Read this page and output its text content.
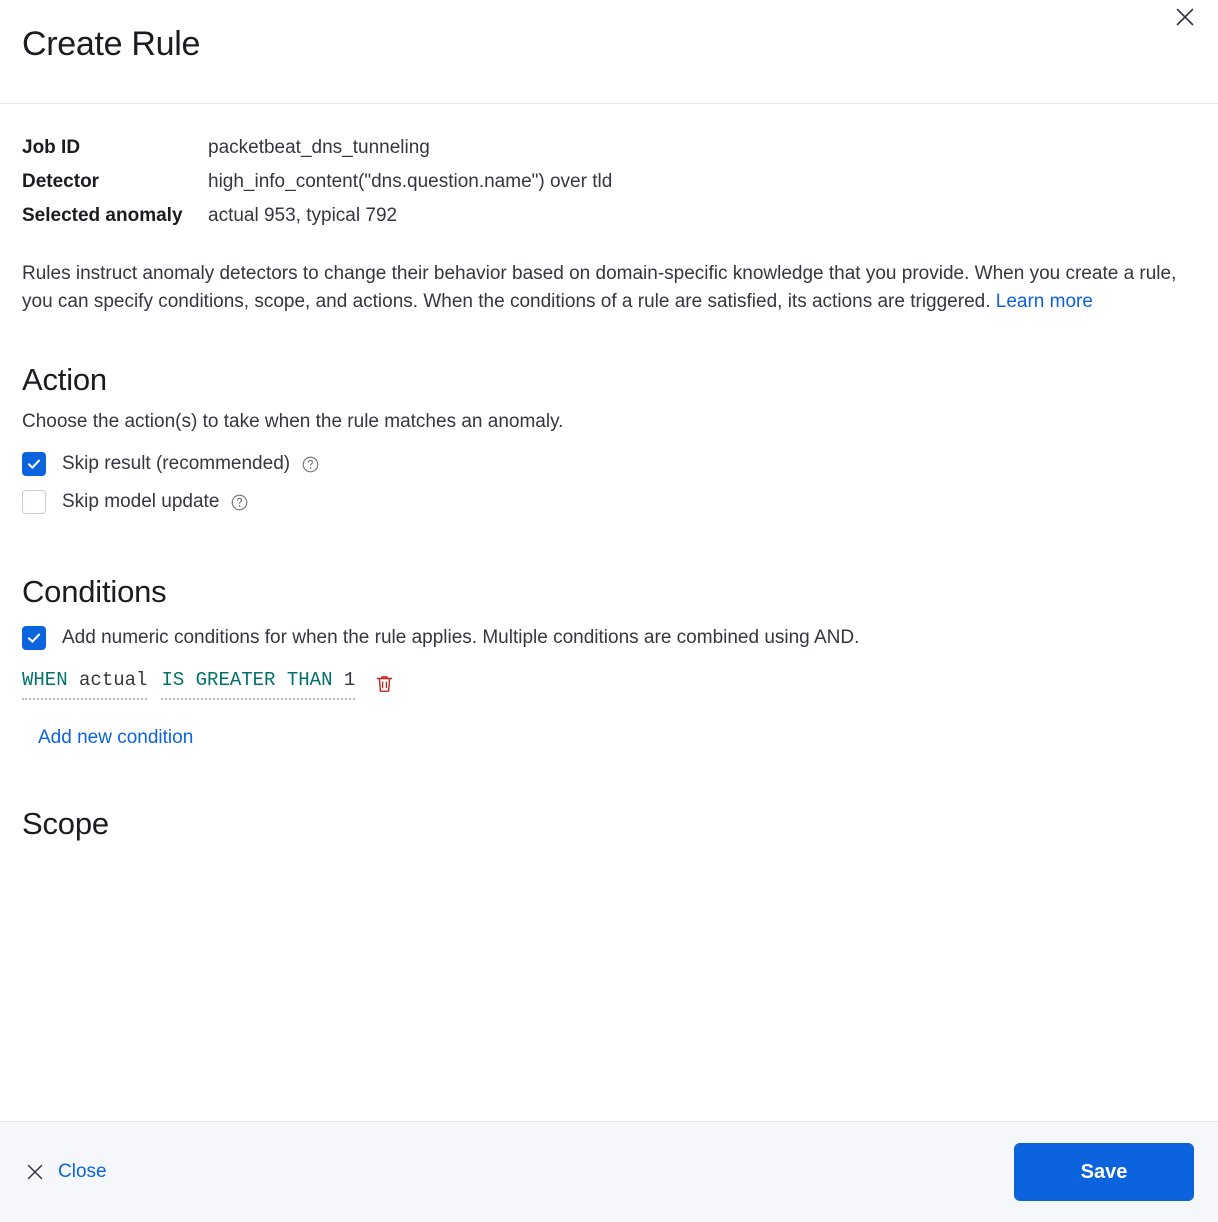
Create Rule
Job ID	packetbeat_dns_tunneling
Detector	high_info_content("dns.question.name") over tld
Selected anomaly	actual 953, typical 792

Rules instruct anomaly detectors to change their behavior based on domain-specific knowledge that you provide. When you create a rule, you can specify conditions, scope, and actions. When the conditions of a rule are satisfied, its actions are triggered. Learn more

Action
Choose the action(s) to take when the rule matches an anomaly.
Skip result (recommended)
Skip model update
Conditions
Add numeric conditions for when the rule applies. Multiple conditions are combined using AND.
WHEN actual IS GREATER THAN 1
Add new condition
Scope
Close	Save
